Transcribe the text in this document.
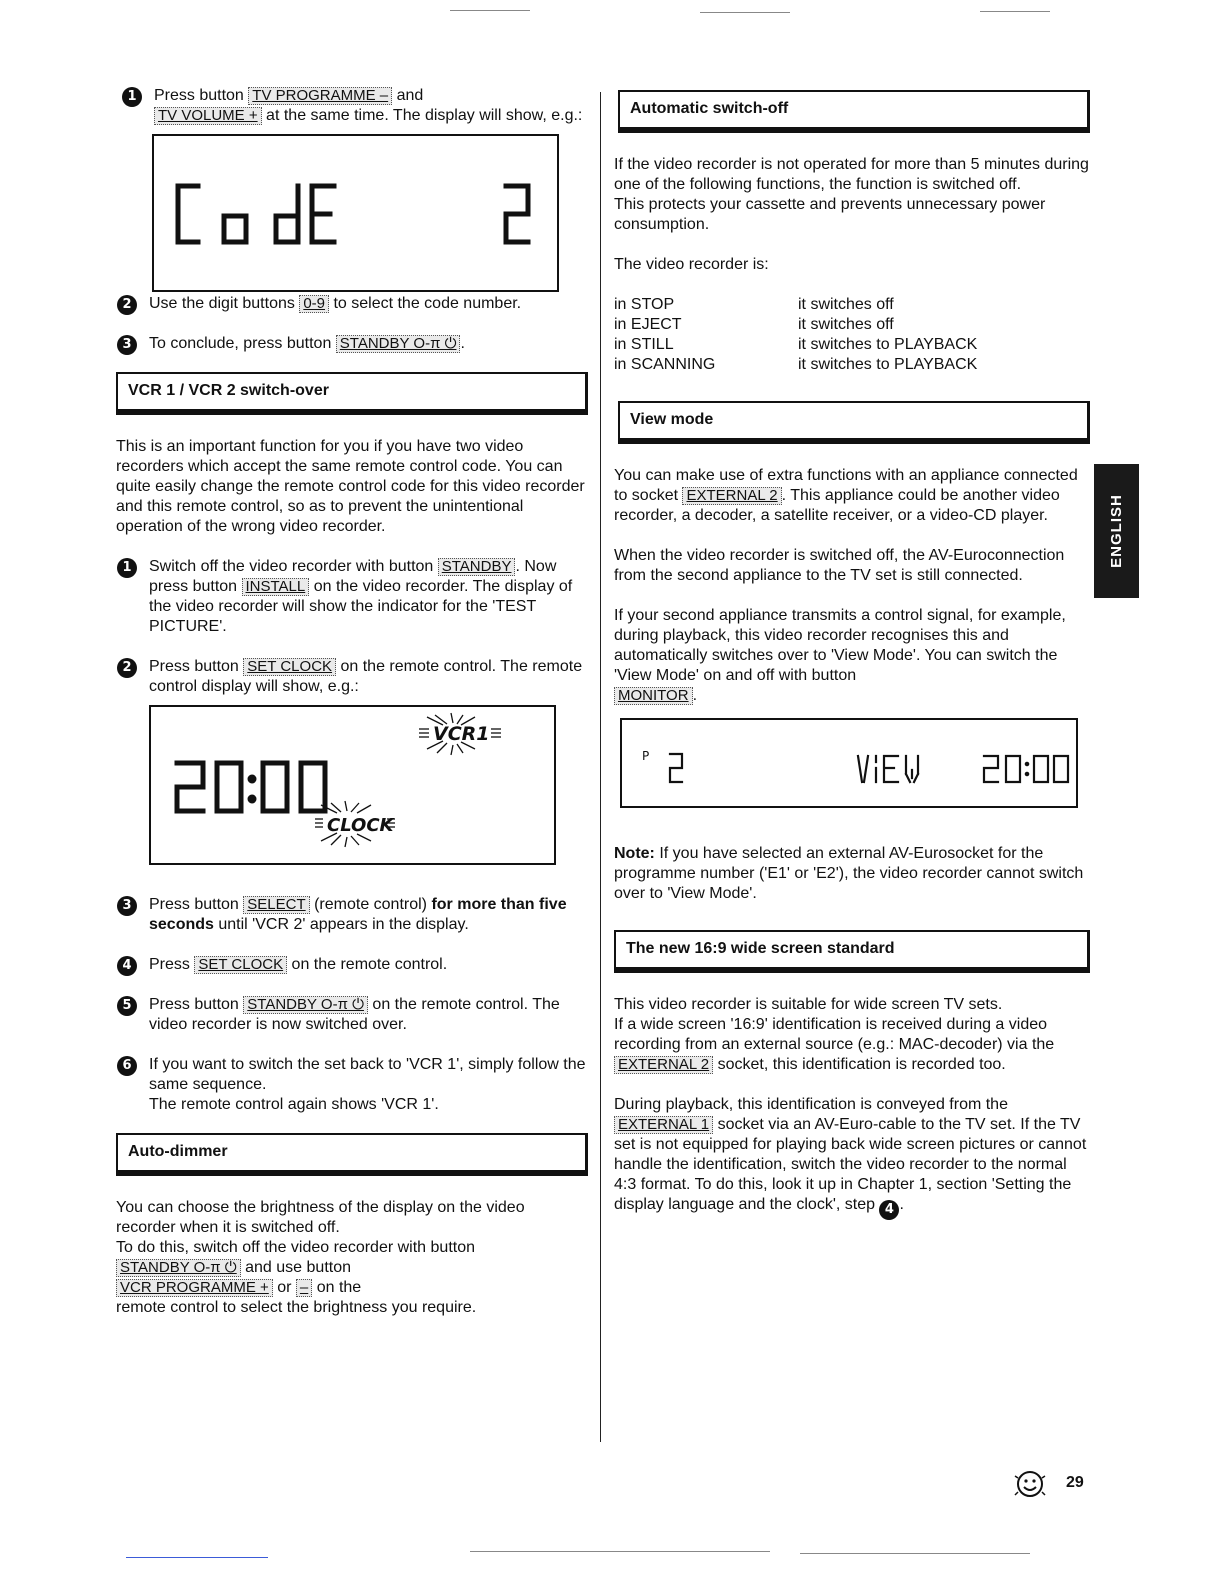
1	Press button TV PROGRAMME – and
TV VOLUME + at the same time. The display will show, e.g.:
2	Use the digit buttons 0-9 to select the code number.
3	To conclude, press button STANDBY O-π ⏻ .
VCR 1 / VCR 2 switch-over

This is an important function for you if you have two video recorders which accept the same remote control code. You can quite easily change the remote control code for this video recorder and this remote control, so as to prevent the unintentional operation of the wrong video recorder.

1	Switch off the video recorder with button STANDBY . Now press button INSTALL on the video recorder. The display of the video recorder will show the indicator for the 'TEST PICTURE'.
2	Press button SET CLOCK on the remote control. The remote control display will show, e.g.:
VCR1
CLOCK
3	Press button SELECT (remote control) for more than five seconds until 'VCR 2' appears in the display.
4	Press SET CLOCK on the remote control.
5	Press button STANDBY O-π ⏻ on the remote control. The video recorder is now switched over.
6	If you want to switch the set back to 'VCR 1', simply follow the same sequence.
The remote control again shows 'VCR 1'.
Auto-dimmer

You can choose the brightness of the display on the video recorder when it is switched off.

To do this, switch off the video recorder with button
STANDBY O-π ⏻ and use button
VCR PROGRAMME + or – on the
remote control to select the brightness you require.

Automatic switch-off

If the video recorder is not operated for more than 5 minutes during one of the following functions, the function is switched off.

This protects your cassette and prevents unnecessary power consumption.

The video recorder is:

in STOP	it switches off
in EJECT	it switches off
in STILL	it switches to PLAYBACK
in SCANNING	it switches to PLAYBACK
View mode

You can make use of extra functions with an appliance connected to socket EXTERNAL 2 . This appliance could be another video recorder, a decoder, a satellite receiver, or a video-CD player.

When the video recorder is switched off, the AV-Euroconnection from the second appliance to the TV set is still connected.

If your second appliance transmits a control signal, for example, during playback, this video recorder recognises this and automatically switches over to 'View Mode'. You can switch the 'View Mode' on and off with button
MONITOR .

P

Note: If you have selected an external AV-Eurosocket for the programme number ('E1' or 'E2'), the video recorder cannot switch over to 'View Mode'.

The new 16:9 wide screen standard

This video recorder is suitable for wide screen TV sets.

If a wide screen '16:9' identification is received during a video recording from an external source (e.g.: MAC-decoder) via the EXTERNAL 2 socket, this identification is recorded too.

During playback, this identification is conveyed from the
EXTERNAL 1 socket via an AV-Euro-cable to the TV set. If the TV set is not equipped for playing back wide screen pictures or cannot handle the identification, switch the video recorder to the normal 4:3 format. To do this, look it up in Chapter 1, section 'Setting the display language and the clock', step 4 .

ENGLISH
29
